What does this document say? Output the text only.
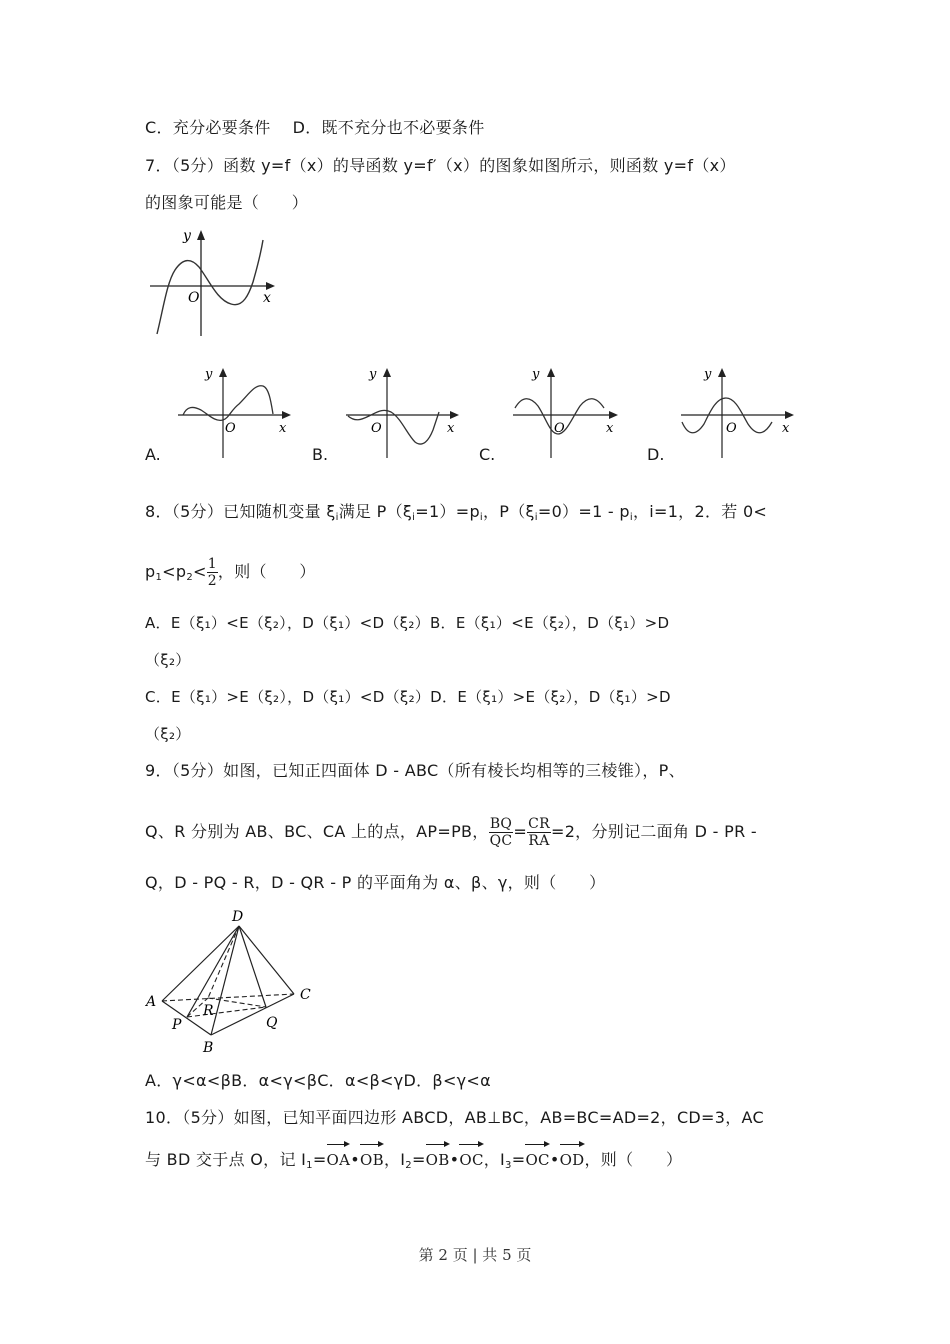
C．充分必要条件 D．既不充分也不必要条件
7．（5分）函数 y=f（x）的导函数 y=f′（x）的图象如图所示，则函数 y=f（x）
的图象可能是（　　）
y
O	x
A.
y
O	x
B.
y
O	x
C.
y
O	x
D.
y
O	x
8．（5分）已知随机变量 $\xi_i$满足 $P(\xi_i=1)=p_i$，$P(\xi_i=0)=1 - p_i$，i=1，2．若 0<
$p_1<p_2< \frac{1}{2}$ ，则（　　）
A．E（ξ₁）<E（ξ₂），D（ξ₁）<D（ξ₂）B．E（ξ₁）<E（ξ₂），D（ξ₁）>D
（ξ₂）
C．E（ξ₁）>E（ξ₂），D（ξ₁）<D（ξ₂）D．E（ξ₁）>E（ξ₂），D（ξ₁）>D
（ξ₂）
9．（5分）如图，已知正四面体 D - ABC（所有棱长均相等的三棱锥），P、
Q、R 分别为 AB、BC、CA 上的点，AP=PB， $\frac{BQ}{QC} = \frac{CR}{RA} =2$，分别记二面角 D - PR -
Q，D - PQ - R，D - QR - P 的平面角为 α、β、γ，则（　　）
D
A	C
B
P	Q
R
A．γ<α<βB．α<γ<βC．α<β<γD．β<γ<α
10．（5分）如图，已知平面四边形 ABCD，AB⊥BC，AB=BC=AD=2，CD=3，AC
与 BD 交于点 O，记 $I_1=OA•OB$，$I_2=OB•OC$，$I_3=OC•OD$，则（　　）
第 2 页 | 共 5 页
